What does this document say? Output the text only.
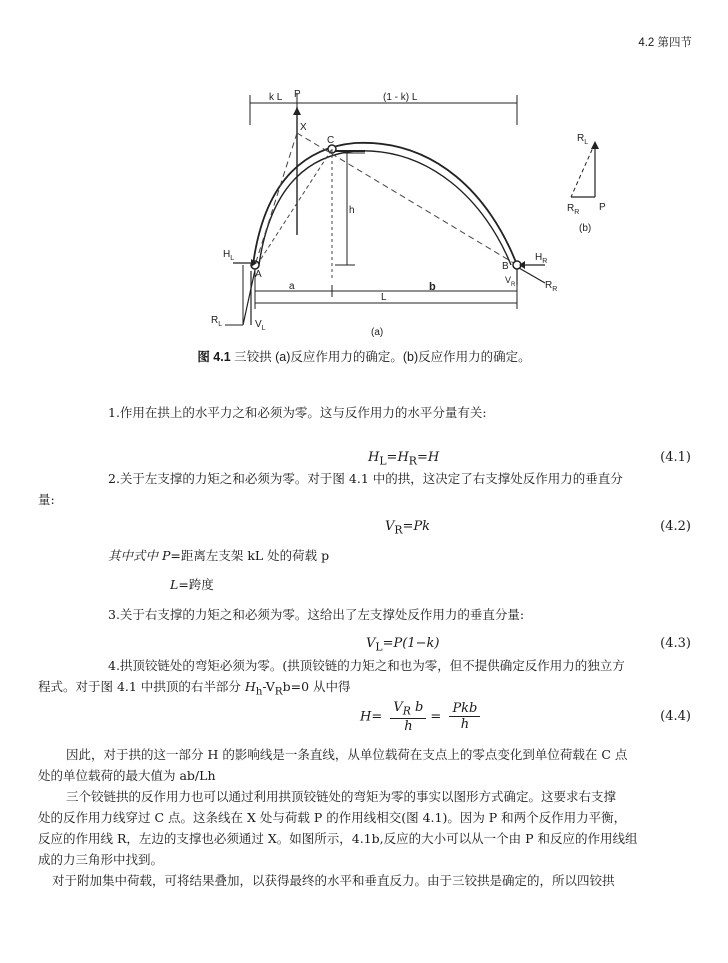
4.2 第四节
k L P	(1 - k) L
C
X
h
A
B
$H_L$
$R_L$	$V_L$
$H_R$
$V_R$	$R_R$
a	b
L
(a)
$R_L$
$R_R$ P
(b)
图 4.1 三铰拱 (a)反应作用力的确定。(b)反应作用力的确定。
1.作用在拱上的水平力之和必须为零。这与反作用力的水平分量有关:
$H_L=H_R=H$	(4.1)
2.关于左支撑的力矩之和必须为零。对于图 4.1 中的拱，这决定了右支撑处反作用力的垂直分
量:
$V_R=Pk$	(4.2)
其中式中 P=距离左支架 kL 处的荷载 p
L=跨度
3.关于右支撑的力矩之和必须为零。这给出了左支撑处反作用力的垂直分量:
$V_L=P(1-k)$	(4.3)
4.拱顶铰链处的弯矩必须为零。(拱顶铰链的力矩之和也为零，但不提供确定反作用力的独立方
程式。对于图 4.1 中拱顶的右半部分 $H_h-V_Rb=0$ 从中得
$H= \frac{V_R b}{h} = \frac{\text{Pkb}}{h}$	(4.4)
因此，对于拱的这一部分 H 的影响线是一条直线，从单位载荷在支点上的零点变化到单位荷载在 C 点
处的单位载荷的最大值为 ab/Lh
三个铰链拱的反作用力也可以通过利用拱顶铰链处的弯矩为零的事实以图形方式确定。这要求右支撑
处的反作用力线穿过 C 点。这条线在 X 处与荷载 P 的作用线相交(图 4.1)。因为 P 和两个反作用力平衡，
反应的作用线 R，左边的支撑也必须通过 X。如图所示，4.1b,反应的大小可以从一个由 P 和反应的作用线组
成的力三角形中找到。
对于附加集中荷载，可将结果叠加，以获得最终的水平和垂直反力。由于三铰拱是确定的，所以四铰拱
